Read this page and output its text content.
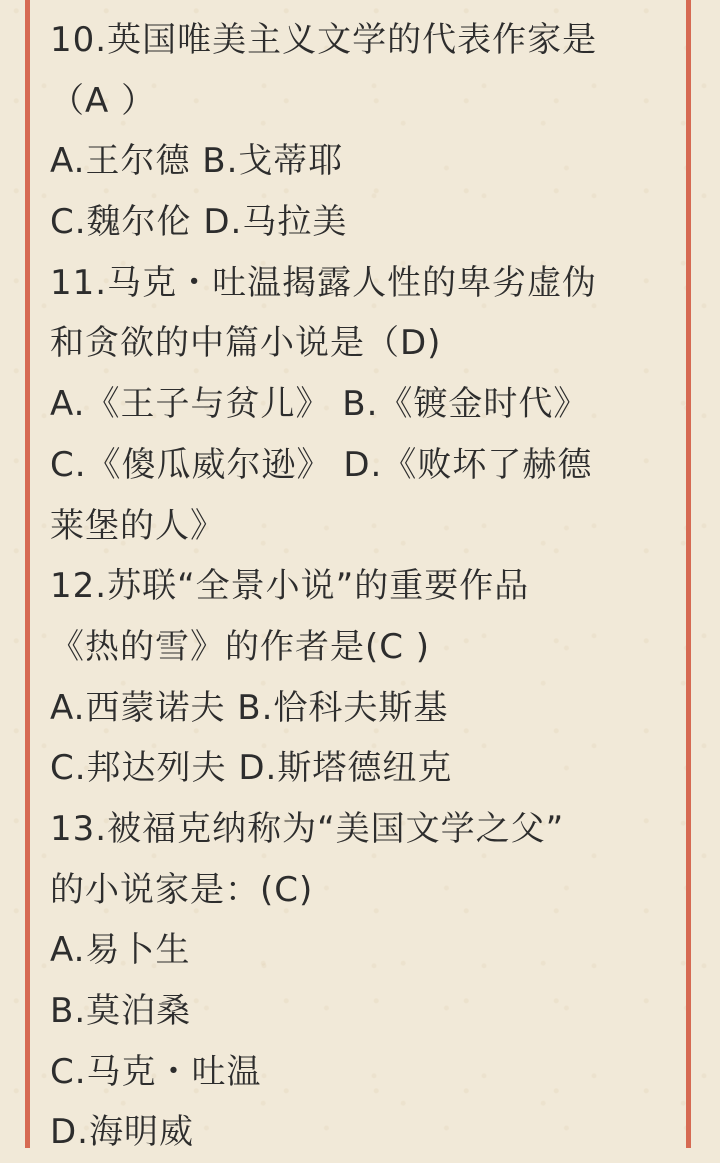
10.英国唯美主义文学的代表作家是
（A ）
A.王尔德 B.戈蒂耶
C.魏尔伦 D.马拉美
11.马克・吐温揭露人性的卑劣虚伪
和贪欲的中篇小说是（D)
A.《王子与贫儿》 B.《镀金时代》
C.《傻瓜威尔逊》 D.《败坏了赫德
莱堡的人》
12.苏联“全景小说”的重要作品
《热的雪》的作者是(C )
A.西蒙诺夫 B.恰科夫斯基
C.邦达列夫 D.斯塔德纽克
13.被福克纳称为“美国文学之父”
的小说家是：(C)
A.易卜生
B.莫泊桑
C.马克・吐温
D.海明威
